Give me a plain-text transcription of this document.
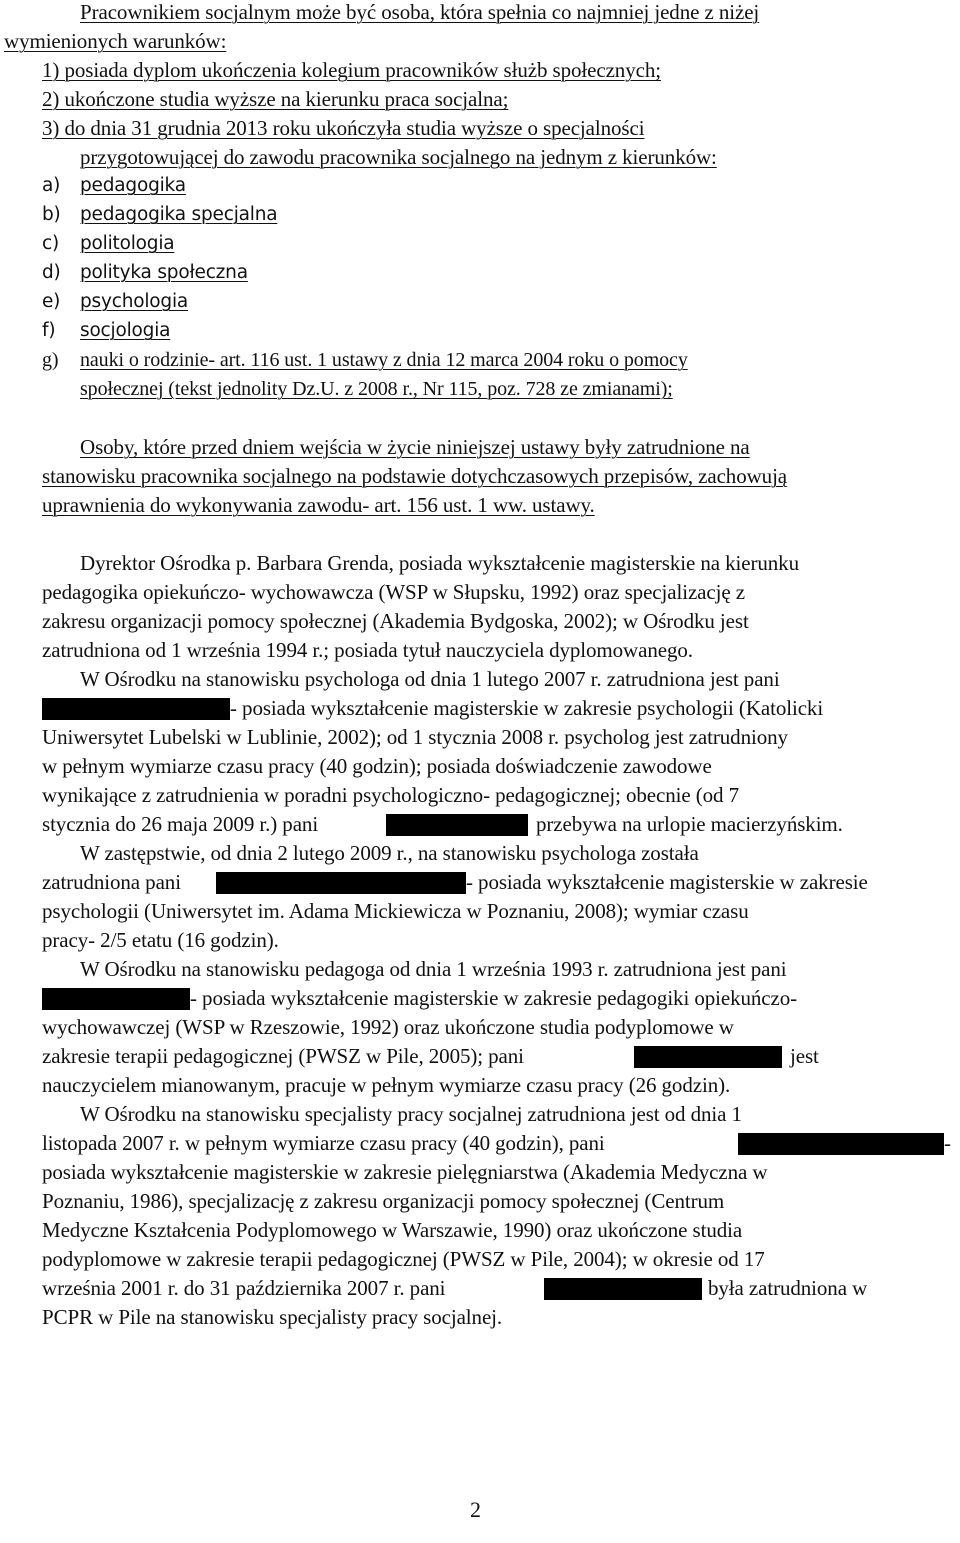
Pracownikiem socjalnym może być osoba, która spełnia co najmniej jedne z niżej
wymienionych warunków:
1) posiada dyplom ukończenia kolegium pracowników służb społecznych;
2) ukończone studia wyższe na kierunku praca socjalna;
3) do dnia 31 grudnia 2013 roku ukończyła studia wyższe o specjalności
przygotowującej do zawodu pracownika socjalnego na jednym z kierunków:
a) pedagogika
b) pedagogika specjalna
c) politologia
d) polityka społeczna
e) psychologia
f) socjologia
g) nauki o rodzinie- art. 116 ust. 1 ustawy z dnia 12 marca 2004 roku o pomocy
społecznej (tekst jednolity Dz.U. z 2008 r., Nr 115, poz. 728 ze zmianami);
Osoby, które przed dniem wejścia w życie niniejszej ustawy były zatrudnione na
stanowisku pracownika socjalnego na podstawie dotychczasowych przepisów, zachowują
uprawnienia do wykonywania zawodu- art. 156 ust. 1 ww. ustawy.
Dyrektor Ośrodka p. Barbara Grenda, posiada wykształcenie magisterskie na kierunku
pedagogika opiekuńczo- wychowawcza (WSP w Słupsku, 1992) oraz specjalizację z
zakresu organizacji pomocy społecznej (Akademia Bydgoska, 2002); w Ośrodku jest
zatrudniona od 1 września 1994 r.; posiada tytuł nauczyciela dyplomowanego.
W Ośrodku na stanowisku psychologa od dnia 1 lutego 2007 r. zatrudniona jest pani
- posiada wykształcenie magisterskie w zakresie psychologii (Katolicki
Uniwersytet Lubelski w Lublinie, 2002); od 1 stycznia 2008 r. psycholog jest zatrudniony
w pełnym wymiarze czasu pracy (40 godzin); posiada doświadczenie zawodowe
wynikające z zatrudnienia w poradni psychologiczno- pedagogicznej; obecnie (od 7
stycznia do 26 maja 2009 r.) pani	przebywa na urlopie macierzyńskim.
W zastępstwie, od dnia 2 lutego 2009 r., na stanowisku psychologa została
zatrudniona pani	- posiada wykształcenie magisterskie w zakresie
psychologii (Uniwersytet im. Adama Mickiewicza w Poznaniu, 2008); wymiar czasu
pracy- 2/5 etatu (16 godzin).
W Ośrodku na stanowisku pedagoga od dnia 1 września 1993 r. zatrudniona jest pani
- posiada wykształcenie magisterskie w zakresie pedagogiki opiekuńczo-
wychowawczej (WSP w Rzeszowie, 1992) oraz ukończone studia podyplomowe w
zakresie terapii pedagogicznej (PWSZ w Pile, 2005); pani	jest
nauczycielem mianowanym, pracuje w pełnym wymiarze czasu pracy (26 godzin).
W Ośrodku na stanowisku specjalisty pracy socjalnej zatrudniona jest od dnia 1
listopada 2007 r. w pełnym wymiarze czasu pracy (40 godzin), pani	-
posiada wykształcenie magisterskie w zakresie pielęgniarstwa (Akademia Medyczna w
Poznaniu, 1986), specjalizację z zakresu organizacji pomocy społecznej (Centrum
Medyczne Kształcenia Podyplomowego w Warszawie, 1990) oraz ukończone studia
podyplomowe w zakresie terapii pedagogicznej (PWSZ w Pile, 2004); w okresie od 17
września 2001 r. do 31 października 2007 r. pani	była zatrudniona w
PCPR w Pile na stanowisku specjalisty pracy socjalnej.
2
